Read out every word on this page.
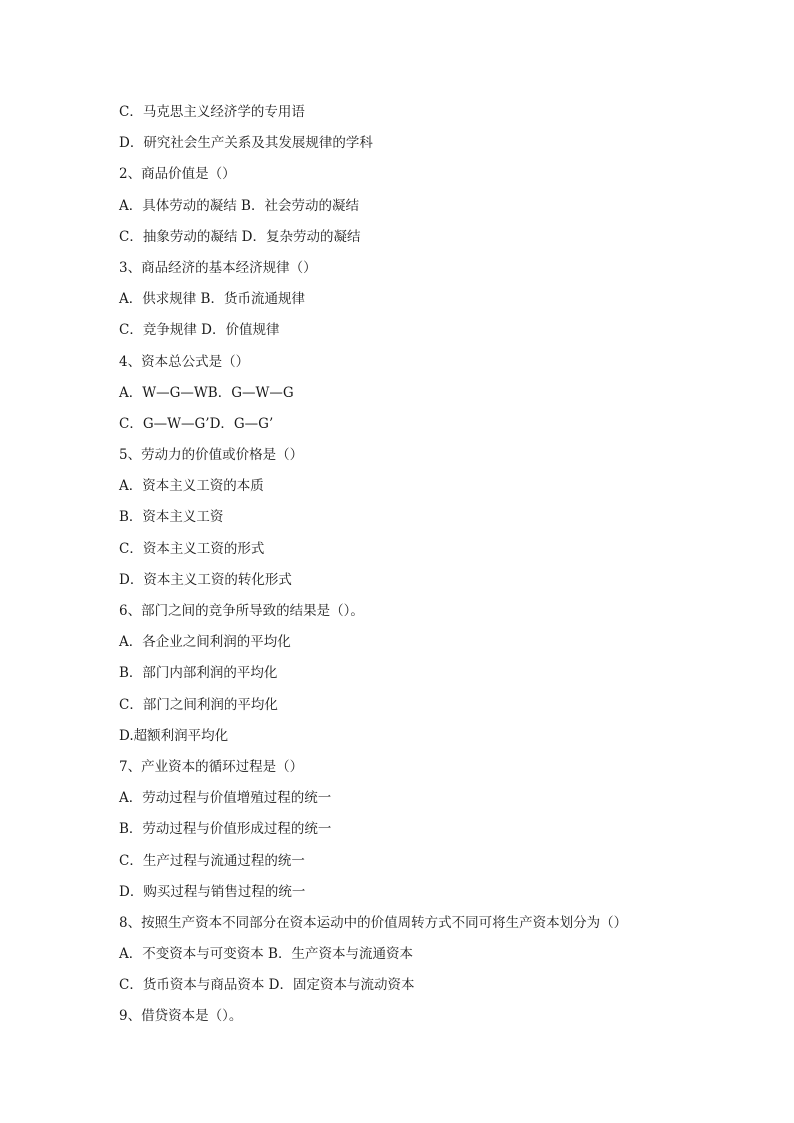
C．马克思主义经济学的专用语
D．研究社会生产关系及其发展规律的学科
2、商品价值是（）
A．具体劳动的凝结 B．社会劳动的凝结
C．抽象劳动的凝结 D．复杂劳动的凝结
3、商品经济的基本经济规律（）
A．供求规律 B．货币流通规律
C．竞争规律 D．价值规律
4、资本总公式是（）
A．W—G—WB．G—W—G
C．G—W—G’D．G—G’
5、劳动力的价值或价格是（）
A．资本主义工资的本质
B．资本主义工资
C．资本主义工资的形式
D．资本主义工资的转化形式
6、部门之间的竞争所导致的结果是（）。
A．各企业之间利润的平均化
B．部门内部利润的平均化
C．部门之间利润的平均化
D.超额利润平均化
7、产业资本的循环过程是（）
A．劳动过程与价值增殖过程的统一
B．劳动过程与价值形成过程的统一
C．生产过程与流通过程的统一
D．购买过程与销售过程的统一
8、按照生产资本不同部分在资本运动中的价值周转方式不同可将生产资本划分为（）
A．不变资本与可变资本 B．生产资本与流通资本
C．货币资本与商品资本 D．固定资本与流动资本
9、借贷资本是（）。
